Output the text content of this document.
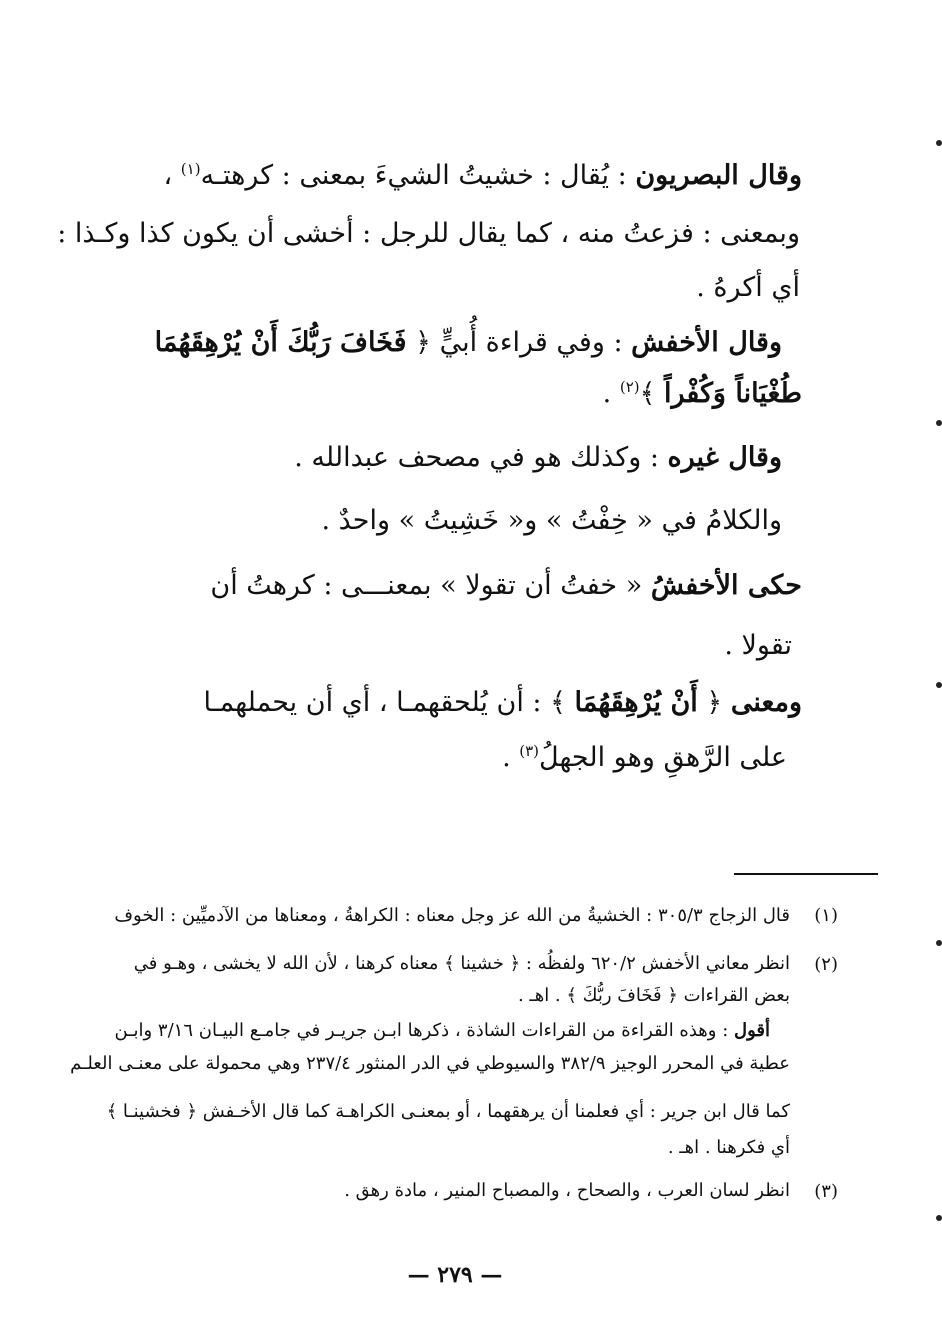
وقال البصريون : يُقال : خشيتُ الشيءَ بمعنى : كرهتـه$^{(١)}$ ،
وبمعنى : فزعتُ منه ، كما يقال للرجل : أخشى أن يكون كذا وكـذا :
أي أكرهُ .
وقال الأخفش : وفي قراءة أُبيٍّ ﴿ فَخَافَ رَبُّكَ أَنْ يُرْهِقَهُمَا
طُغْيَاناً وَكُفْراً ﴾$^{(٢)}$ .
وقال غيره : وكذلك هو في مصحف عبدالله .
والكلامُ في « خِفْتُ » و« خَشِيتُ » واحدٌ .
حكى الأخفشُ « خفتُ أن تقولا » بمعنـــى : كرهتُ أن
تقولا .
ومعنى ﴿ أَنْ يُرْهِقَهُمَا ﴾ : أن يُلحقهمـا ، أي أن يحملهمـا
على الرَّهقِ وهو الجهلُ$^{(٣)}$ .
(١)
قال الزجاج ٣٠٥/٣ : الخشيةُ من الله عز وجل معناه : الكراهةُ ، ومعناها من الآدميِّين : الخوف
(٢)
انظر معاني الأخفش ٦٢٠/٢ ولفظُه : ﴿ خشينا ﴾ معناه كرهنا ، لأن الله لا يخشى ، وهـو في
بعض القراءات ﴿ فَخَافَ ربُّكَ ﴾ . اهـ .
أقول : وهذه القراءة من القراءات الشاذة ، ذكرها ابـن جريـر في جامـع البيـان ٣/١٦ وابـن
عطية في المحرر الوجيز ٣٨٢/٩ والسيوطي في الدر المنثور ٢٣٧/٤ وهي محمولة على معنـى العلـم
كما قال ابن جرير : أي فعلمنا أن يرهقهما ، أو بمعنـى الكراهـة كما قال الأخـفش ﴿ فخشينـا ﴾
أي فكرهنا . اهـ .
(٣)
انظر لسان العرب ، والصحاح ، والمصباح المنير ، مادة رهق .
— ٢٧٩ —
